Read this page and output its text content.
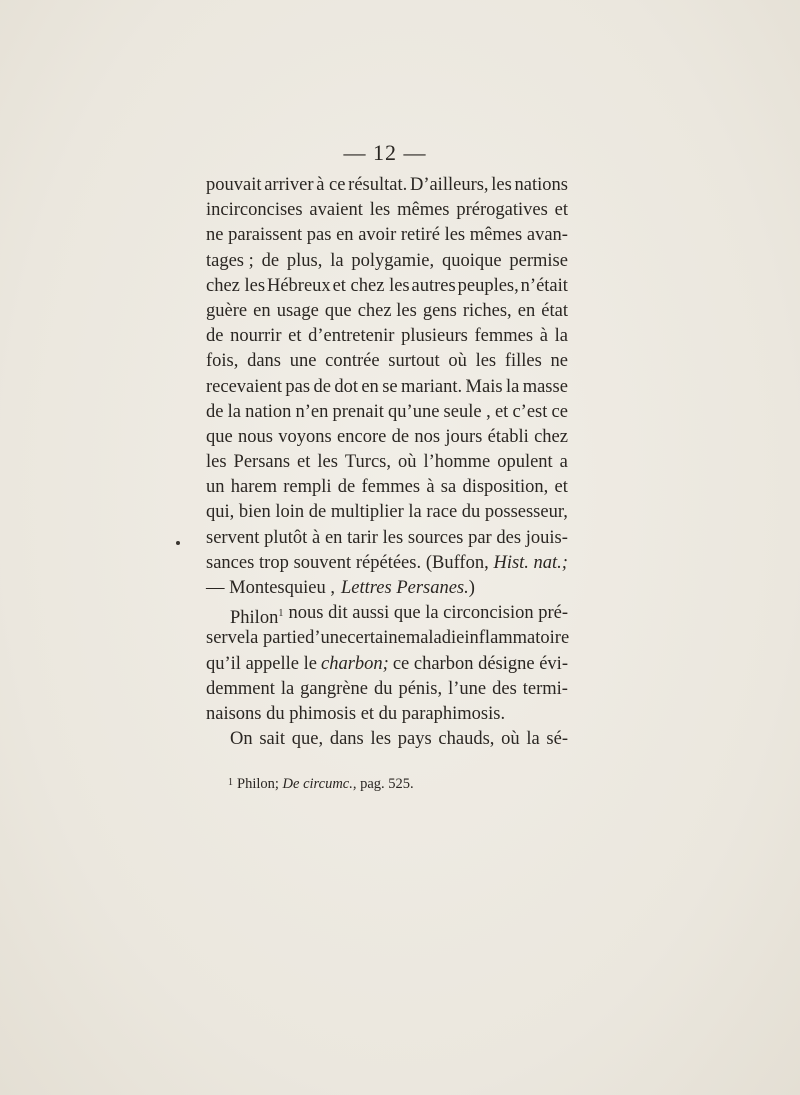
— 12 —
pouvait arriver à ce résultat. D’ailleurs, les nations
incirconcises avaient les mêmes prérogatives et
ne paraissent pas en avoir retiré les mêmes avan-
tages ; de plus, la polygamie, quoique permise
chez les Hébreux et chez les autres peuples, n’était
guère en usage que chez les gens riches, en état
de nourrir et d’entretenir plusieurs femmes à la
fois, dans une contrée surtout où les filles ne
recevaient pas de dot en se mariant. Mais la masse
de la nation n’en prenait qu’une seule , et c’est ce
que nous voyons encore de nos jours établi chez
les Persans et les Turcs, où l’homme opulent a
un harem rempli de femmes à sa disposition, et
qui, bien loin de multiplier la race du possesseur,
servent plutôt à en tarir les sources par des jouis-
sances trop souvent répétées. (Buffon, Hist. nat.;
— Montesquieu , Lettres Persanes.)
Philon$^1$ nous dit aussi que la circoncision pré-
serve la partie d’une certaine maladie inflammatoire
qu’il appelle le charbon; ce charbon désigne évi-
demment la gangrène du pénis, l’une des termi-
naisons du phimosis et du paraphimosis.
On sait que, dans les pays chauds, où la sé-
$^1$ Philon; De circumc., pag. 525.
